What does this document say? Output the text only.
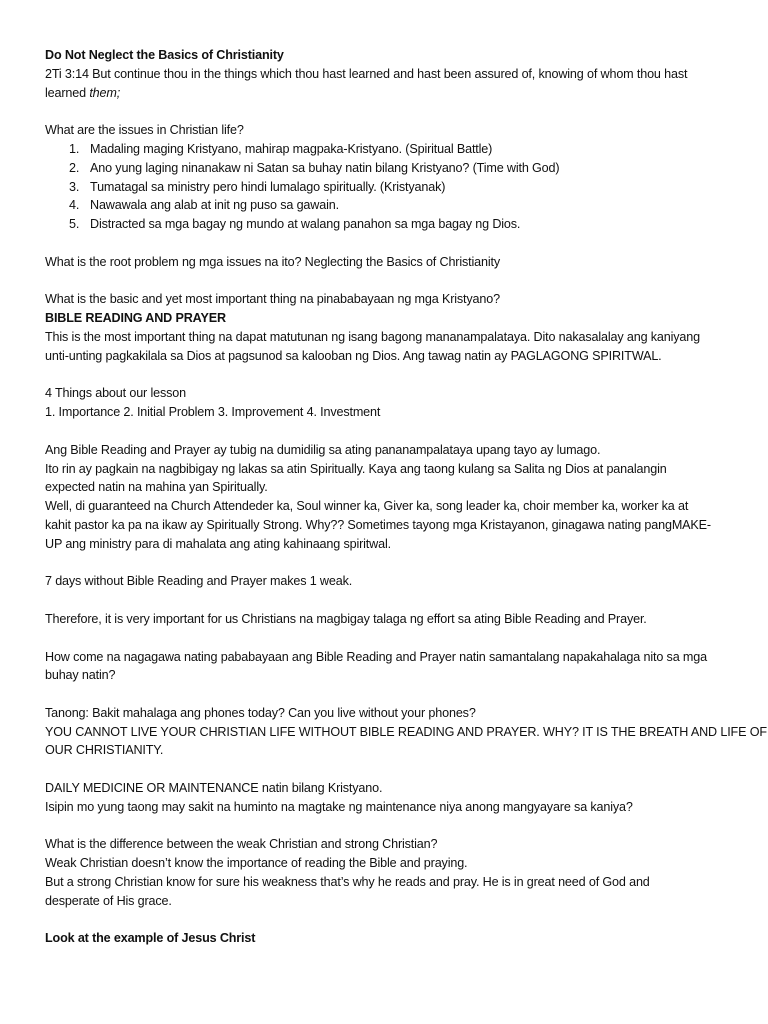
Do Not Neglect the Basics of Christianity

2Ti 3:14 But continue thou in the things which thou hast learned and hast been assured of, knowing of whom thou hast

learned them;

What are the issues in Christian life?

1. Madaling maging Kristyano, mahirap magpaka-Kristyano. (Spiritual Battle)
2. Ano yung laging ninanakaw ni Satan sa buhay natin bilang Kristyano? (Time with God)
3. Tumatagal sa ministry pero hindi lumalago spiritually. (Kristyanak)
4. Nawawala ang alab at init ng puso sa gawain.
5. Distracted sa mga bagay ng mundo at walang panahon sa mga bagay ng Dios.

What is the root problem ng mga issues na ito? Neglecting the Basics of Christianity

What is the basic and yet most important thing na pinababayaan ng mga Kristyano?

BIBLE READING AND PRAYER

This is the most important thing na dapat matutunan ng isang bagong mananampalataya. Dito nakasalalay ang kaniyang

unti-unting pagkakilala sa Dios at pagsunod sa kalooban ng Dios. Ang tawag natin ay PAGLAGONG SPIRITWAL.

4 Things about our lesson

1. Importance 2. Initial Problem 3. Improvement 4. Investment

Ang Bible Reading and Prayer ay tubig na dumidilig sa ating pananampalataya upang tayo ay lumago.

Ito rin ay pagkain na nagbibigay ng lakas sa atin Spiritually. Kaya ang taong kulang sa Salita ng Dios at panalangin

expected natin na mahina yan Spiritually.

Well, di guaranteed na Church Attendeder ka, Soul winner ka, Giver ka, song leader ka, choir member ka, worker ka at

kahit pastor ka pa na ikaw ay Spiritually Strong. Why?? Sometimes tayong mga Kristayanon, ginagawa nating pangMAKE-

UP ang ministry para di mahalata ang ating kahinaang spiritwal.

7 days without Bible Reading and Prayer makes 1 weak.

Therefore, it is very important for us Christians na magbigay talaga ng effort sa ating Bible Reading and Prayer.

How come na nagagawa nating pababayaan ang Bible Reading and Prayer natin samantalang napakahalaga nito sa mga

buhay natin?

Tanong: Bakit mahalaga ang phones today? Can you live without your phones?

YOU CANNOT LIVE YOUR CHRISTIAN LIFE WITHOUT BIBLE READING AND PRAYER. WHY? IT IS THE BREATH AND LIFE OF

OUR CHRISTIANITY.

DAILY MEDICINE OR MAINTENANCE natin bilang Kristyano.

Isipin mo yung taong may sakit na huminto na magtake ng maintenance niya anong mangyayare sa kaniya?

What is the difference between the weak Christian and strong Christian?

Weak Christian doesn’t know the importance of reading the Bible and praying.

But a strong Christian know for sure his weakness that’s why he reads and pray. He is in great need of God and

desperate of His grace.

Look at the example of Jesus Christ
